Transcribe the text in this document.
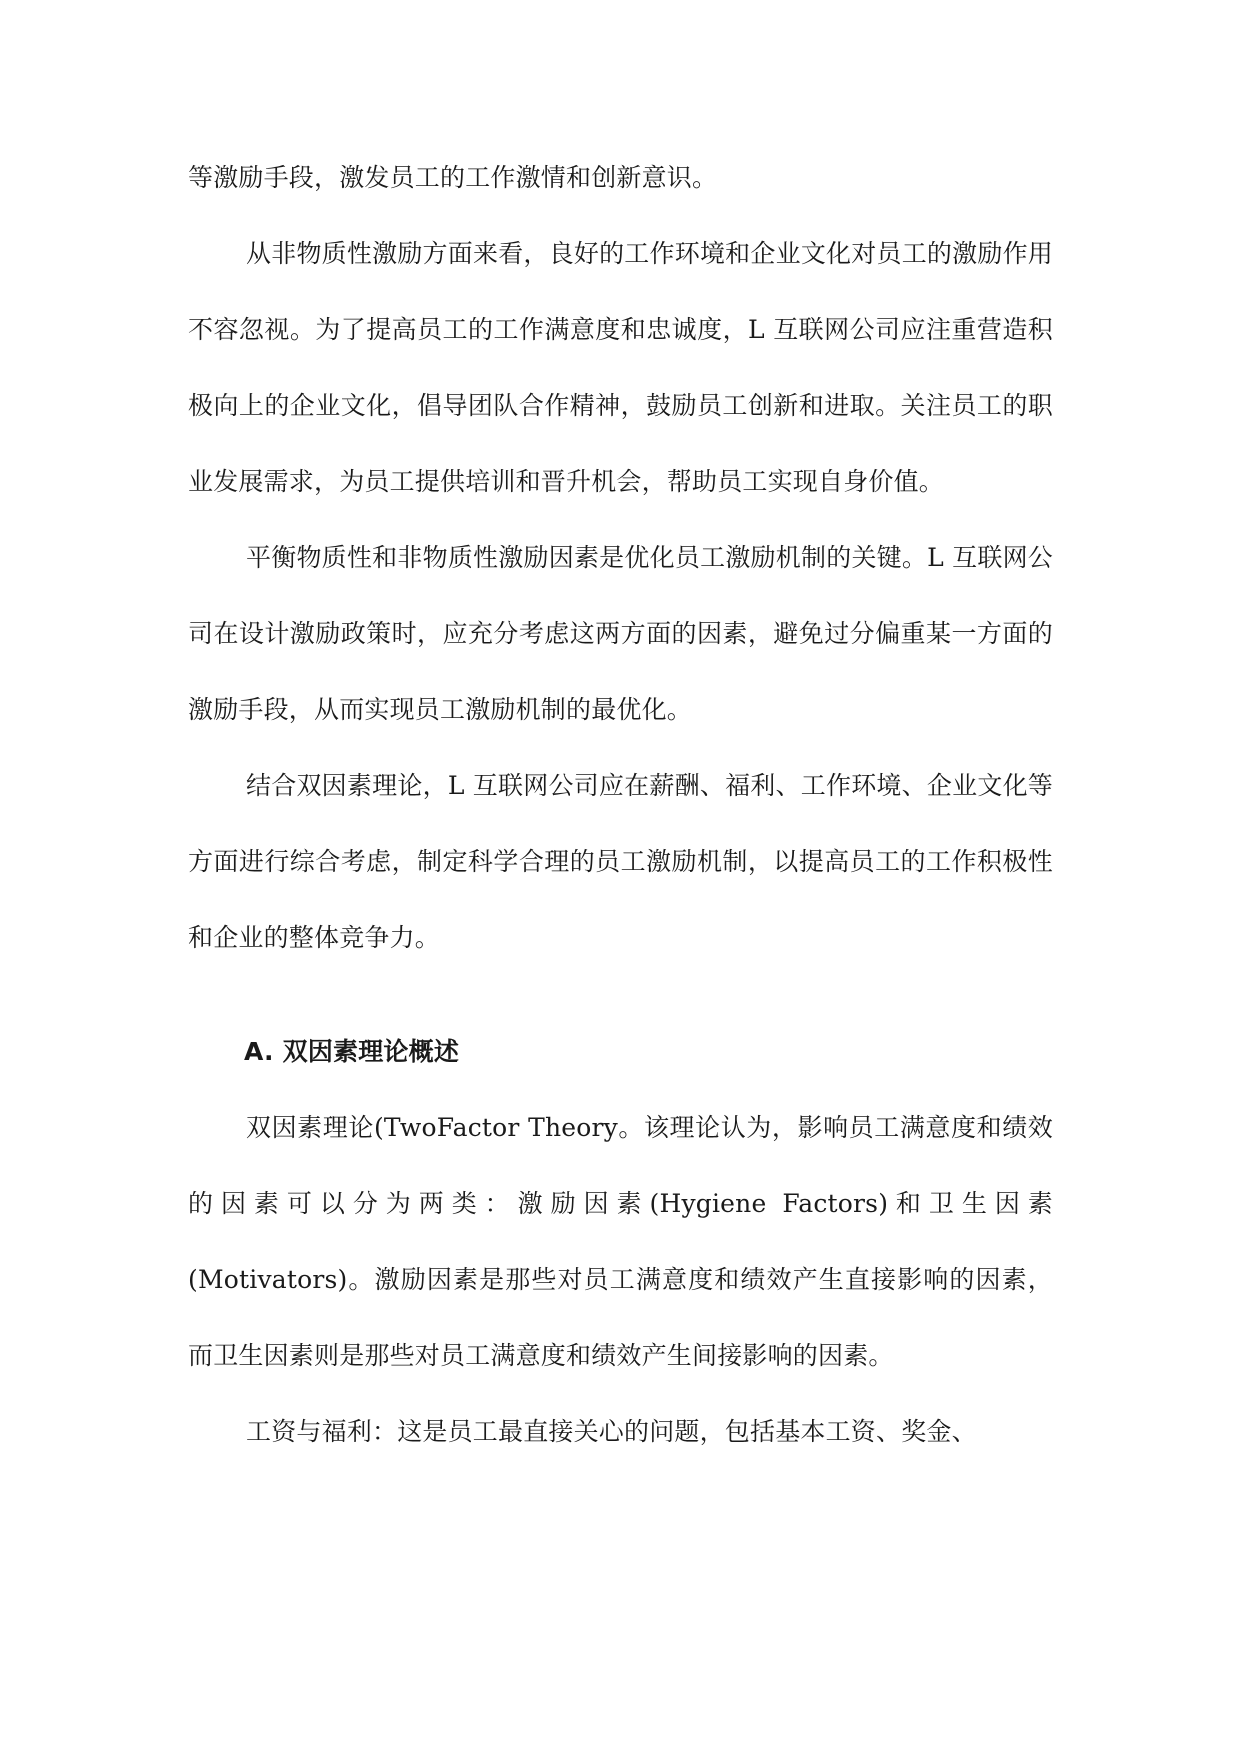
等激励手段，激发员工的工作激情和创新意识。

从非物质性激励方面来看，良好的工作环境和企业文化对员工的激励作用不容忽视。为了提高员工的工作满意度和忠诚度，L 互联网公司应注重营造积极向上的企业文化，倡导团队合作精神，鼓励员工创新和进取。关注员工的职业发展需求，为员工提供培训和晋升机会，帮助员工实现自身价值。

平衡物质性和非物质性激励因素是优化员工激励机制的关键。L 互联网公司在设计激励政策时，应充分考虑这两方面的因素，避免过分偏重某一方面的激励手段，从而实现员工激励机制的最优化。

结合双因素理论，L 互联网公司应在薪酬、福利、工作环境、企业文化等方面进行综合考虑，制定科学合理的员工激励机制，以提高员工的工作积极性和企业的整体竞争力。

A. 双因素理论概述

双因素理论(TwoFactor Theory。该理论认为，影响员工满意度和绩效的因素可以分为两类：激励因素(Hygiene Factors)和卫生因素(Motivators)。激励因素是那些对员工满意度和绩效产生直接影响的因素，而卫生因素则是那些对员工满意度和绩效产生间接影响的因素。

工资与福利：这是员工最直接关心的问题，包括基本工资、奖金、
